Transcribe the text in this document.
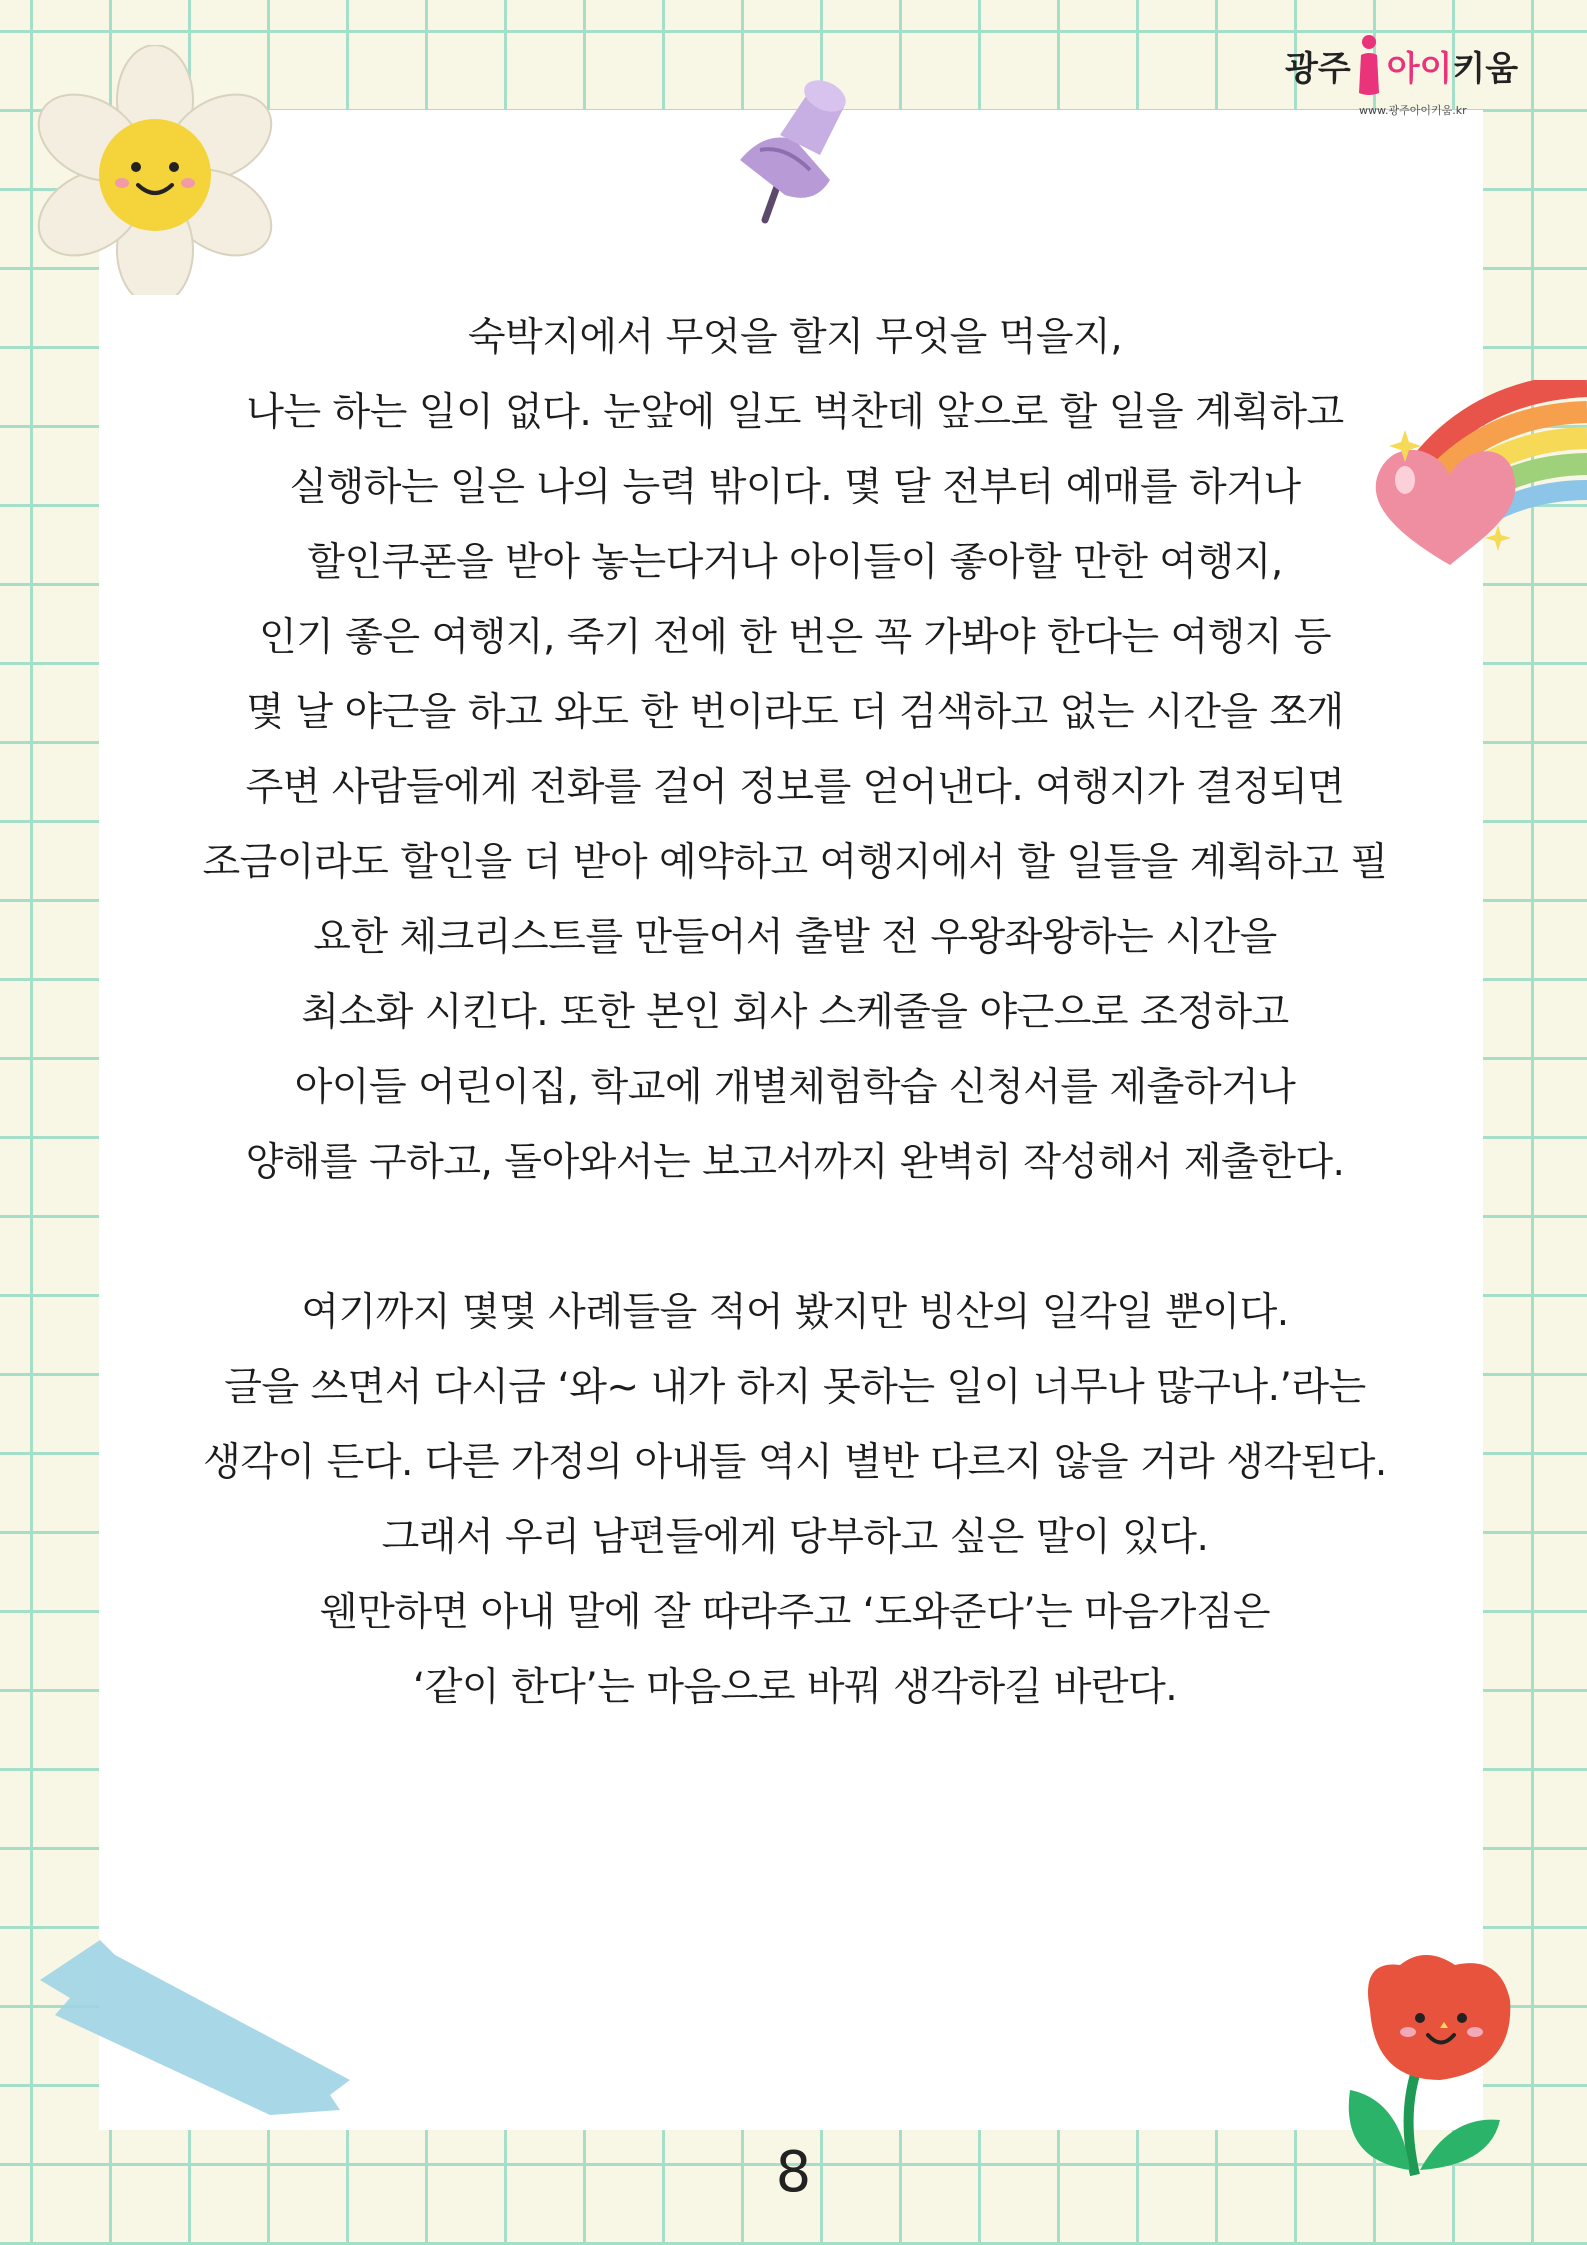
광주 아이 키움
www.광주아이키움.kr

숙박지에서 무엇을 할지 무엇을 먹을지,
나는 하는 일이 없다. 눈앞에 일도 벅찬데 앞으로 할 일을 계획하고
실행하는 일은 나의 능력 밖이다. 몇 달 전부터 예매를 하거나
할인쿠폰을 받아 놓는다거나 아이들이 좋아할 만한 여행지,
인기 좋은 여행지, 죽기 전에 한 번은 꼭 가봐야 한다는 여행지 등
몇 날 야근을 하고 와도 한 번이라도 더 검색하고 없는 시간을 쪼개
주변 사람들에게 전화를 걸어 정보를 얻어낸다. 여행지가 결정되면
조금이라도 할인을 더 받아 예약하고 여행지에서 할 일들을 계획하고 필
요한 체크리스트를 만들어서 출발 전 우왕좌왕하는 시간을
최소화 시킨다. 또한 본인 회사 스케줄을 야근으로 조정하고
아이들 어린이집, 학교에 개별체험학습 신청서를 제출하거나
양해를 구하고, 돌아와서는 보고서까지 완벽히 작성해서 제출한다.

여기까지 몇몇 사례들을 적어 봤지만 빙산의 일각일 뿐이다.
글을 쓰면서 다시금 ‘와~ 내가 하지 못하는 일이 너무나 많구나.’라는
생각이 든다. 다른 가정의 아내들 역시 별반 다르지 않을 거라 생각된다.
그래서 우리 남편들에게 당부하고 싶은 말이 있다.
웬만하면 아내 말에 잘 따라주고 ‘도와준다’는 마음가짐은
‘같이 한다’는 마음으로 바꿔 생각하길 바란다.

8
